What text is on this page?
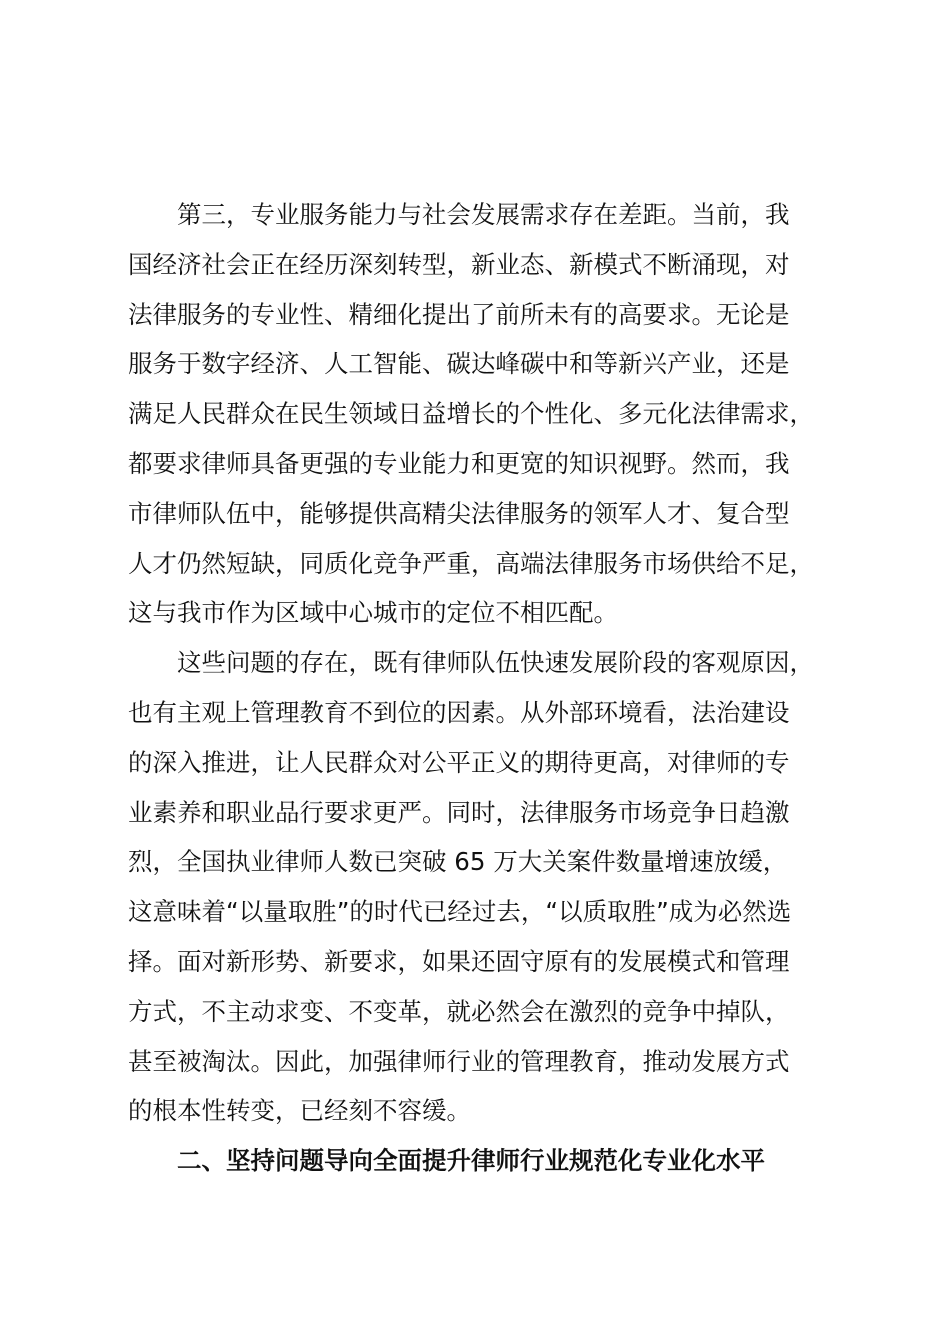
第三，专业服务能力与社会发展需求存在差距。当前，我
国经济社会正在经历深刻转型，新业态、新模式不断涌现，对
法律服务的专业性、精细化提出了前所未有的高要求。无论是
服务于数字经济、人工智能、碳达峰碳中和等新兴产业，还是
满足人民群众在民生领域日益增长的个性化、多元化法律需求，
都要求律师具备更强的专业能力和更宽的知识视野。然而，我
市律师队伍中，能够提供高精尖法律服务的领军人才、复合型
人才仍然短缺，同质化竞争严重，高端法律服务市场供给不足，
这与我市作为区域中心城市的定位不相匹配。

这些问题的存在，既有律师队伍快速发展阶段的客观原因，
也有主观上管理教育不到位的因素。从外部环境看，法治建设
的深入推进，让人民群众对公平正义的期待更高，对律师的专
业素养和职业品行要求更严。同时，法律服务市场竞争日趋激
烈，全国执业律师人数已突破 65 万大关案件数量增速放缓，
这意味着“以量取胜”的时代已经过去，“以质取胜”成为必然选
择。面对新形势、新要求，如果还固守原有的发展模式和管理
方式，不主动求变、不变革，就必然会在激烈的竞争中掉队，
甚至被淘汰。因此，加强律师行业的管理教育，推动发展方式
的根本性转变，已经刻不容缓。

二、坚持问题导向全面提升律师行业规范化专业化水平
